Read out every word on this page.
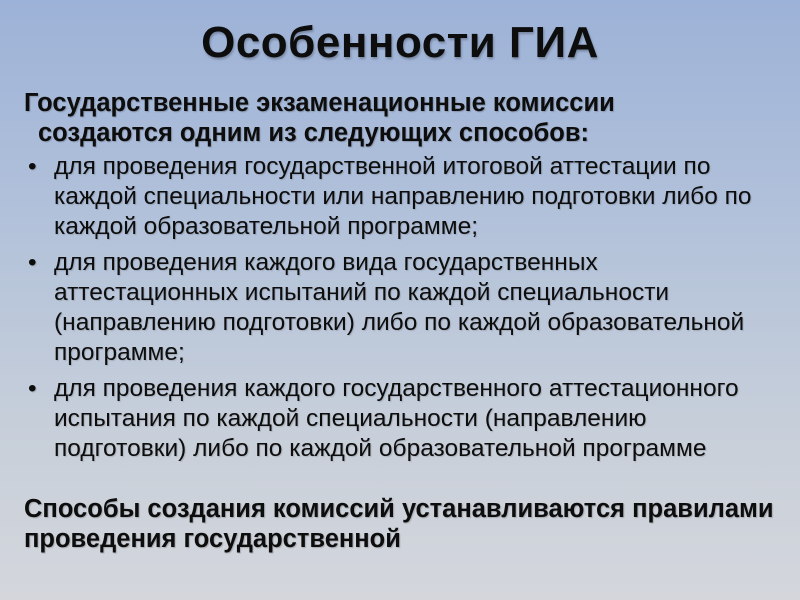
Особенности ГИА

Государственные экзаменационные комиссии

создаются одним из следующих способов:

• для проведения государственной итоговой аттестации по каждой специальности или направлению подготовки либо по каждой образовательной программе;
• для проведения каждого вида государственных аттестационных испытаний по каждой специальности (направлению подготовки) либо по каждой образовательной программе;
• для проведения каждого государственного аттестационного испытания по каждой специальности (направлению подготовки) либо по каждой образовательной программе

Способы создания комиссий устанавливаются правилами проведения государственной
